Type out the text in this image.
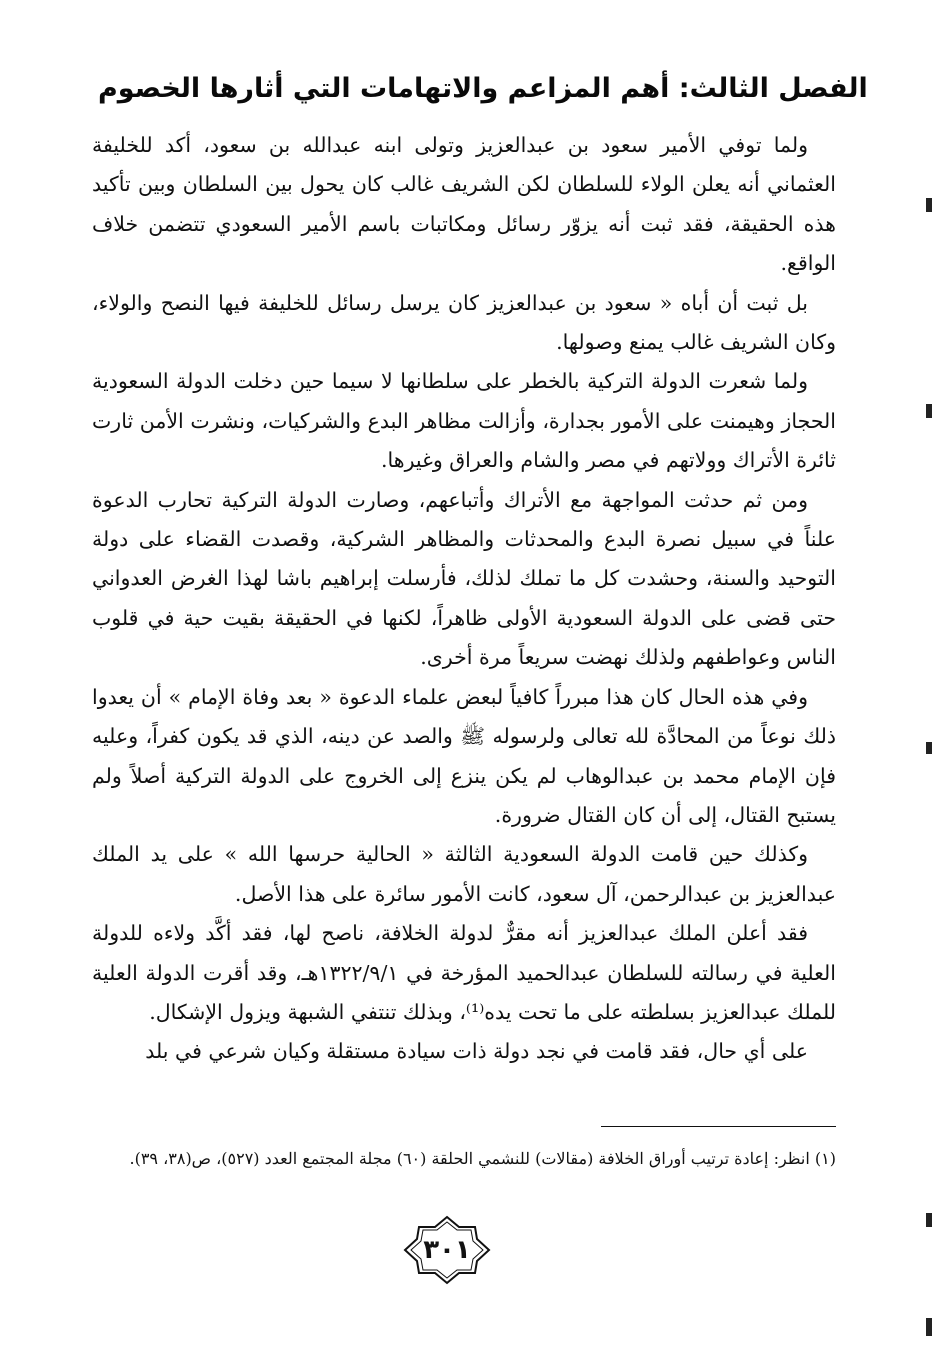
الفصل الثالث: أهم المزاعم والاتهامات التي أثارها الخصوم

ولما توفي الأمير سعود بن عبدالعزيز وتولى ابنه عبدالله بن سعود، أكد للخليفة العثماني أنه يعلن الولاء للسلطان لكن الشريف غالب كان يحول بين السلطان وبين تأكيد هذه الحقيقة، فقد ثبت أنه يزوّر رسائل ومكاتبات باسم الأمير السعودي تتضمن خلاف الواقع.

بل ثبت أن أباه « سعود بن عبدالعزيز كان يرسل رسائل للخليفة فيها النصح والولاء، وكان الشريف غالب يمنع وصولها.

ولما شعرت الدولة التركية بالخطر على سلطانها لا سيما حين دخلت الدولة السعودية الحجاز وهيمنت على الأمور بجدارة، وأزالت مظاهر البدع والشركيات، ونشرت الأمن ثارت ثائرة الأتراك وولاتهم في مصر والشام والعراق وغيرها.

ومن ثم حدثت المواجهة مع الأتراك وأتباعهم، وصارت الدولة التركية تحارب الدعوة علناً في سبيل نصرة البدع والمحدثات والمظاهر الشركية، وقصدت القضاء على دولة التوحيد والسنة، وحشدت كل ما تملك لذلك، فأرسلت إبراهيم باشا لهذا الغرض العدواني حتى قضى على الدولة السعودية الأولى ظاهراً، لكنها في الحقيقة بقيت حية في قلوب الناس وعواطفهم ولذلك نهضت سريعاً مرة أخرى.

وفي هذه الحال كان هذا مبرراً كافياً لبعض علماء الدعوة « بعد وفاة الإمام » أن يعدوا ذلك نوعاً من المحادَّة لله تعالى ولرسوله ﷺ والصد عن دينه، الذي قد يكون كفراً، وعليه فإن الإمام محمد بن عبدالوهاب لم يكن ينزع إلى الخروج على الدولة التركية أصلاً ولم يستبح القتال، إلى أن كان القتال ضرورة.

وكذلك حين قامت الدولة السعودية الثالثة « الحالية حرسها الله » على يد الملك عبدالعزيز بن عبدالرحمن، آل سعود، كانت الأمور سائرة على هذا الأصل.

فقد أعلن الملك عبدالعزيز أنه مقرٌّ لدولة الخلافة، ناصح لها، فقد أكَّد ولاءه للدولة العلية في رسالته للسلطان عبدالحميد المؤرخة في ١٣٢٢/٩/١هـ، وقد أقرت الدولة العلية للملك عبدالعزيز بسلطته على ما تحت يده⁽¹⁾، وبذلك تنتفي الشبهة ويزول الإشكال.

على أي حال، فقد قامت في نجد دولة ذات سيادة مستقلة وكيان شرعي في بلد

(١) انظر: إعادة ترتيب أوراق الخلافة (مقالات) للنشمي الحلقة (٦٠) مجلة المجتمع العدد (٥٢٧)، ص(٣٨، ٣٩).

٣٠١
